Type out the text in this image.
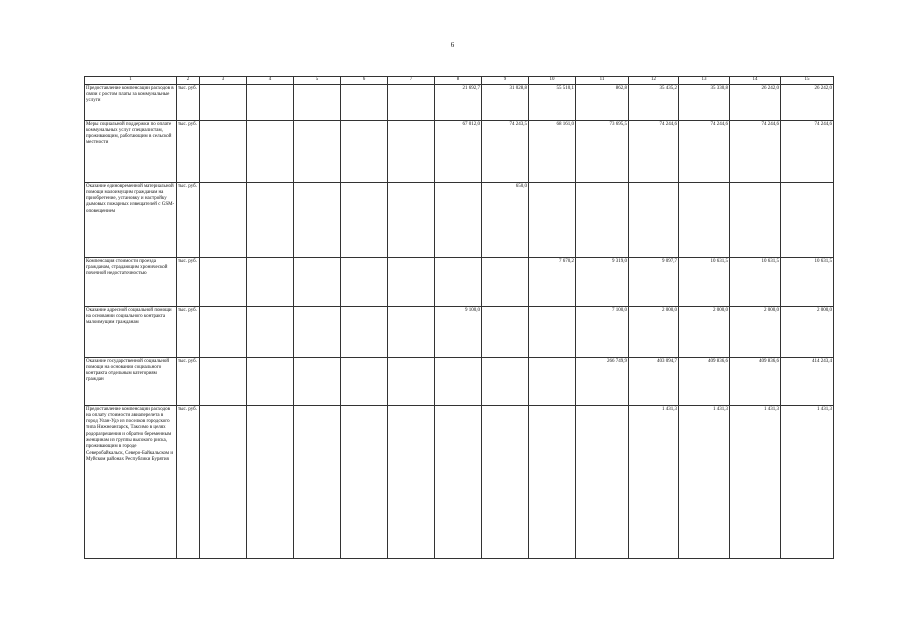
6
1	2	3	4	5	6	7	8	9	10	11	12	13	14	15
Предоставление компенсации расходов в связи с ростом платы за коммунальные услуги	тыс. руб.						21 692,7	31 028,8	55 510,1	862,8	35 435,2	35 330,8	26 242,0	26 242,0
Меры социальной поддержки по оплате коммунальных услуг специалистам, проживающим, работающим в сельской местности	тыс. руб.						67 012,0	74 243,5	68 161,0	73 695,5	74 244,6	74 244,6	74 244,6	74 244,6
Оказание единовременной материальной помощи малоимущим гражданам на приобретение, установку и настройку дымовых пожарных извещателей с GSM-оповещением	тыс. руб.							650,0						
Компенсация стоимости проезда гражданам, страдающим хронической почечной недостаточностью	тыс. руб.								7 670,2	9 319,0	9 097,7	10 631,5	10 631,5	10 631,5
Оказание адресной социальной помощи на основании социального контракта малоимущим гражданам	тыс. руб.						9 100,0			7 100,0	2 000,0	2 000,0	2 000,0	2 000,0
Оказание государственной социальной помощи на основании социального контракта отдельным категориям граждан	тыс. руб.									266 749,9	403 094,7	409 836,6	409 836,6	414 243,4
Предоставление компенсации расходов на оплату стоимости авиаперелета в город Улан-Удэ из поселков городского типа Нижнеангарск, Таксимо в целях родоразрешения и обратно беременным женщинам из группы высокого риска, проживающим в городе Северобайкальск, Северо-Байкальском и Муйском районах Республики Бурятия	тыс. руб.										1 431,3	1 431,3	1 431,3	1 431,3
